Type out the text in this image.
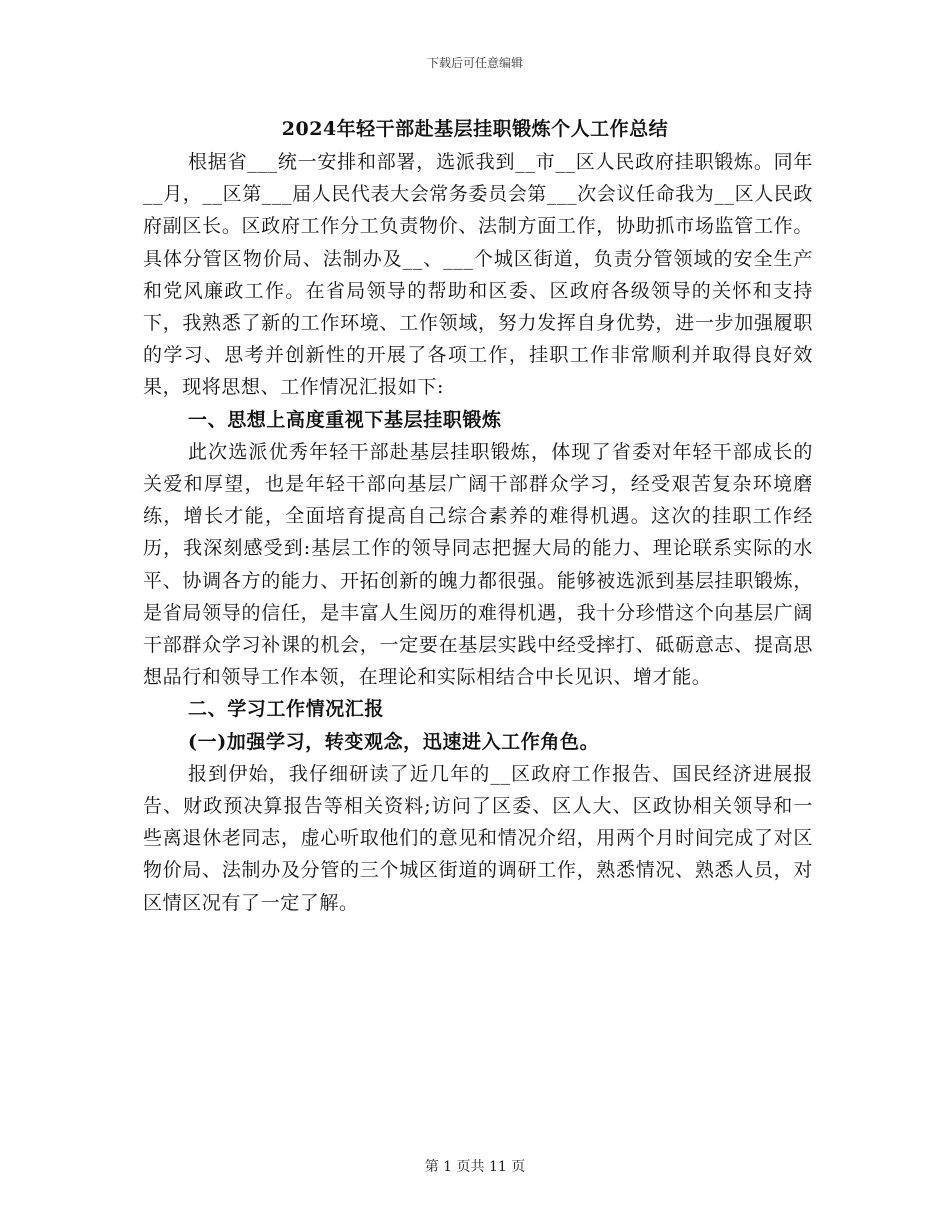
下载后可任意编辑
2024年轻干部赴基层挂职锻炼个人工作总结

根据省___统一安排和部署，选派我到__市__区人民政府挂职锻炼。同年__月，__区第___届人民代表大会常务委员会第___次会议任命我为__区人民政府副区长。区政府工作分工负责物价、法制方面工作，协助抓市场监管工作。具体分管区物价局、法制办及__、___个城区街道，负责分管领域的安全生产和党风廉政工作。在省局领导的帮助和区委、区政府各级领导的关怀和支持下，我熟悉了新的工作环境、工作领域，努力发挥自身优势，进一步加强履职的学习、思考并创新性的开展了各项工作，挂职工作非常顺利并取得良好效果，现将思想、工作情况汇报如下:

一、思想上高度重视下基层挂职锻炼

此次选派优秀年轻干部赴基层挂职锻炼，体现了省委对年轻干部成长的关爱和厚望，也是年轻干部向基层广阔干部群众学习，经受艰苦复杂环境磨练，增长才能，全面培育提高自己综合素养的难得机遇。这次的挂职工作经历，我深刻感受到:基层工作的领导同志把握大局的能力、理论联系实际的水平、协调各方的能力、开拓创新的魄力都很强。能够被选派到基层挂职锻炼，是省局领导的信任，是丰富人生阅历的难得机遇，我十分珍惜这个向基层广阔干部群众学习补课的机会，一定要在基层实践中经受摔打、砥砺意志、提高思想品行和领导工作本领，在理论和实际相结合中长见识、增才能。

二、学习工作情况汇报

(一)加强学习，转变观念，迅速进入工作角色。

报到伊始，我仔细研读了近几年的__区政府工作报告、国民经济进展报告、财政预决算报告等相关资料;访问了区委、区人大、区政协相关领导和一些离退休老同志，虚心听取他们的意见和情况介绍，用两个月时间完成了对区物价局、法制办及分管的三个城区街道的调研工作，熟悉情况、熟悉人员，对区情区况有了一定了解。

第 1 页共 11 页
